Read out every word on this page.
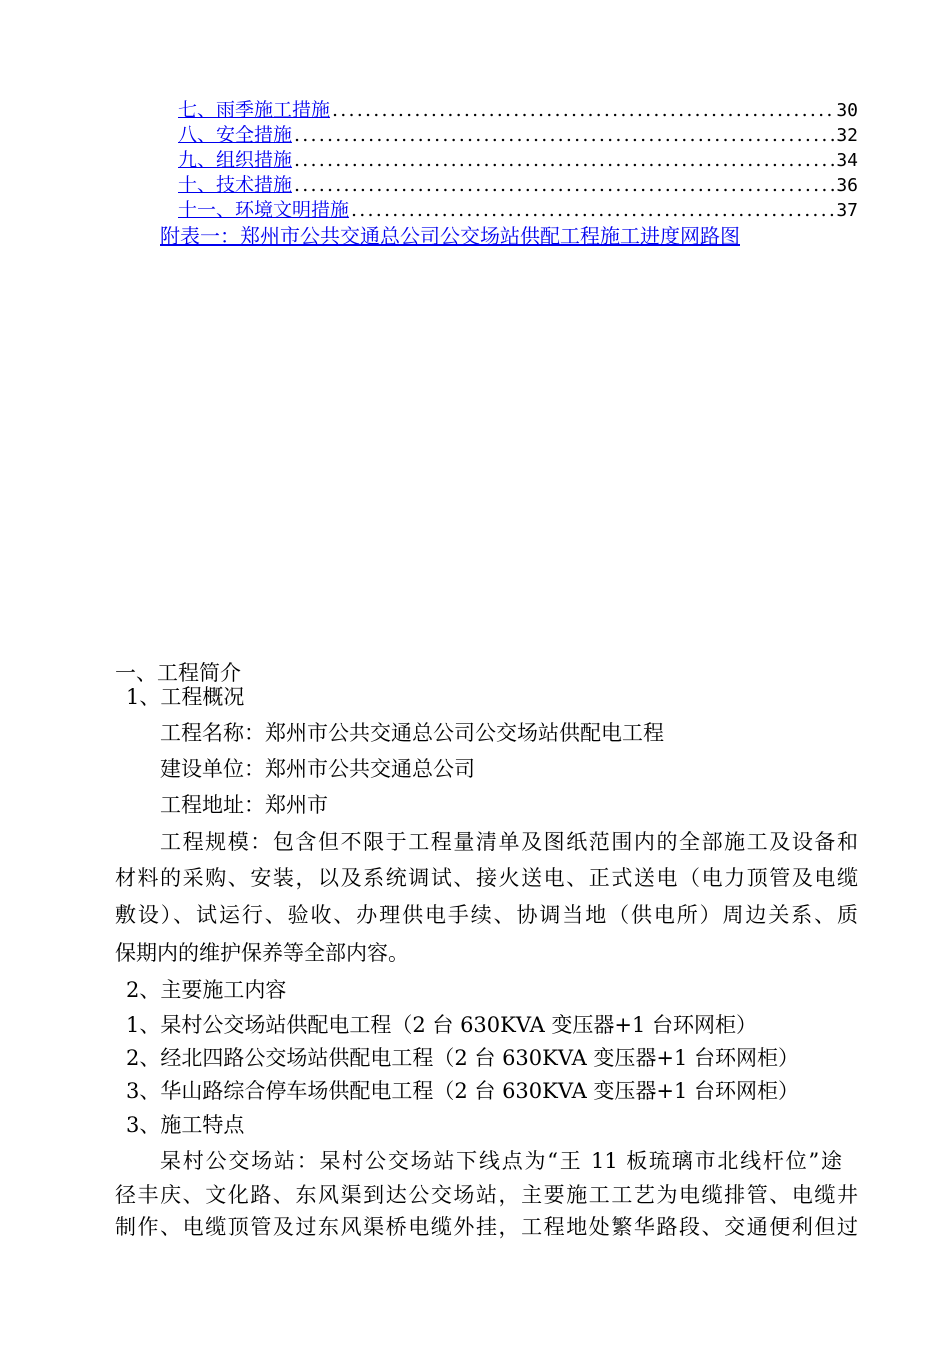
七、雨季施工措施 .....	30
八、安全措施 .....	32
九、组织措施 .....	34
十、技术措施 .....	36
十一、环境文明措施 .....	37
附表一：郑州市公共交通总公司公交场站供配工程施工进度网路图
一、工程简介
1、工程概况
工程名称：郑州市公共交通总公司公交场站供配电工程
建设单位：郑州市公共交通总公司
工程地址：郑州市
工程规模：包含但不限于工程量清单及图纸范围内的全部施工及设备和
材料的采购、安装，以及系统调试、接火送电、正式送电（电力顶管及电缆
敷设）、试运行、验收、办理供电手续、协调当地（供电所）周边关系、质
保期内的维护保养等全部内容。
2、主要施工内容
1、杲村公交场站供配电工程（2 台 630KVA 变压器+1 台环网柜）
2、经北四路公交场站供配电工程（2 台 630KVA 变压器+1 台环网柜）
3、华山路综合停车场供配电工程（2 台 630KVA 变压器+1 台环网柜）
3、施工特点
杲村公交场站：杲村公交场站下线点为“王 11 板琉璃市北线杆位”途
径丰庆、文化路、东风渠到达公交场站，主要施工工艺为电缆排管、电缆井
制作、电缆顶管及过东风渠桥电缆外挂，工程地处繁华路段、交通便利但过
